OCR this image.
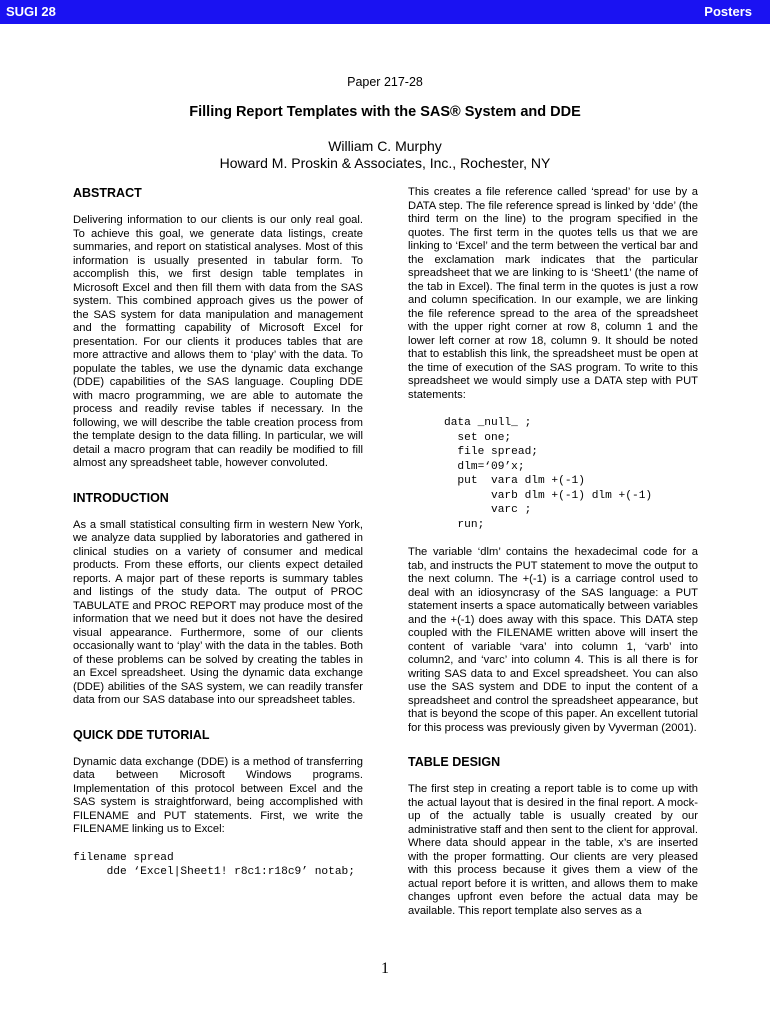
SUGI 28	Posters
Paper 217-28
Filling Report Templates with the SAS® System and DDE
William C. Murphy
Howard M. Proskin & Associates, Inc., Rochester, NY
ABSTRACT

Delivering information to our clients is our only real goal. To achieve this goal, we generate data listings, create summaries, and report on statistical analyses. Most of this information is usually presented in tabular form. To accomplish this, we first design table templates in Microsoft Excel and then fill them with data from the SAS system. This combined approach gives us the power of the SAS system for data manipulation and management and the formatting capability of Microsoft Excel for presentation. For our clients it produces tables that are more attractive and allows them to ‘play’ with the data. To populate the tables, we use the dynamic data exchange (DDE) capabilities of the SAS language. Coupling DDE with macro programming, we are able to automate the process and readily revise tables if necessary. In the following, we will describe the table creation process from the template design to the data filling. In particular, we will detail a macro program that can readily be modified to fill almost any spreadsheet table, however convoluted.

INTRODUCTION

As a small statistical consulting firm in western New York, we analyze data supplied by laboratories and gathered in clinical studies on a variety of consumer and medical products. From these efforts, our clients expect detailed reports. A major part of these reports is summary tables and listings of the study data. The output of PROC TABULATE and PROC REPORT may produce most of the information that we need but it does not have the desired visual appearance. Furthermore, some of our clients occasionally want to ‘play’ with the data in the tables. Both of these problems can be solved by creating the tables in an Excel spreadsheet. Using the dynamic data exchange (DDE) abilities of the SAS system, we can readily transfer data from our SAS database into our spreadsheet tables.

QUICK DDE TUTORIAL

Dynamic data exchange (DDE) is a method of transferring data between Microsoft Windows programs. Implementation of this protocol between Excel and the SAS system is straightforward, being accomplished with FILENAME and PUT statements. First, we write the FILENAME linking us to Excel:

filename spread
dde ‘Excel|Sheet1! r8c1:r18c9’ notab;

This creates a file reference called ‘spread’ for use by a DATA step. The file reference spread is linked by ‘dde’ (the third term on the line) to the program specified in the quotes. The first term in the quotes tells us that we are linking to ‘Excel’ and the term between the vertical bar and the exclamation mark indicates that the particular spreadsheet that we are linking to is ‘Sheet1’ (the name of the tab in Excel). The final term in the quotes is just a row and column specification. In our example, we are linking the file reference spread to the area of the spreadsheet with the upper right corner at row 8, column 1 and the lower left corner at row 18, column 9. It should be noted that to establish this link, the spreadsheet must be open at the time of execution of the SAS program. To write to this spreadsheet we would simply use a DATA step with PUT statements:

data _null_ ;
set one;
file spread;
dlm=‘09’x;
put  vara dlm +(-1)
varb dlm +(-1) dlm +(-1)
varc ;
run;

The variable ‘dlm’ contains the hexadecimal code for a tab, and instructs the PUT statement to move the output to the next column. The +(-1) is a carriage control used to deal with an idiosyncrasy of the SAS language: a PUT statement inserts a space automatically between variables and the +(-1) does away with this space. This DATA step coupled with the FILENAME written above will insert the content of variable ‘vara’ into column 1, ‘varb’ into column2, and ‘varc’ into column 4. This is all there is for writing SAS data to and Excel spreadsheet. You can also use the SAS system and DDE to input the content of a spreadsheet and control the spreadsheet appearance, but that is beyond the scope of this paper. An excellent tutorial for this process was previously given by Vyverman (2001).

TABLE DESIGN

The first step in creating a report table is to come up with the actual layout that is desired in the final report. A mock-up of the actually table is usually created by our administrative staff and then sent to the client for approval. Where data should appear in the table, x’s are inserted with the proper formatting. Our clients are very pleased with this process because it gives them a view of the actual report before it is written, and allows them to make changes upfront even before the actual data may be available. This report template also serves as a

1
